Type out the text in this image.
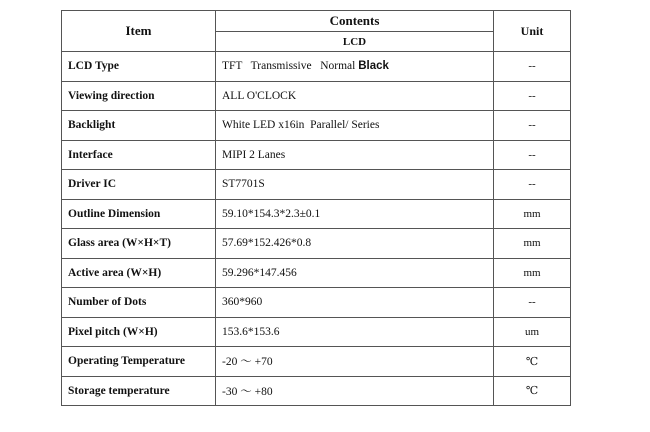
Item	Contents	Unit
	LCD	
LCD Type	TFT   Transmissive   Normal Black	--
Viewing direction	ALL O'CLOCK	--
Backlight	White LED x16in  Parallel/ Series	--
Interface	MIPI 2 Lanes	--
Driver IC	ST7701S	--
Outline Dimension	59.10*154.3*2.3±0.1	mm
Glass area (W×H×T)	57.69*152.426*0.8	mm
Active area (W×H)	59.296*147.456	mm
Number of Dots	360*960	--
Pixel pitch (W×H)	153.6*153.6	um
Operating Temperature	-20 ～ +70	℃
Storage temperature	-30 ～ +80	℃
